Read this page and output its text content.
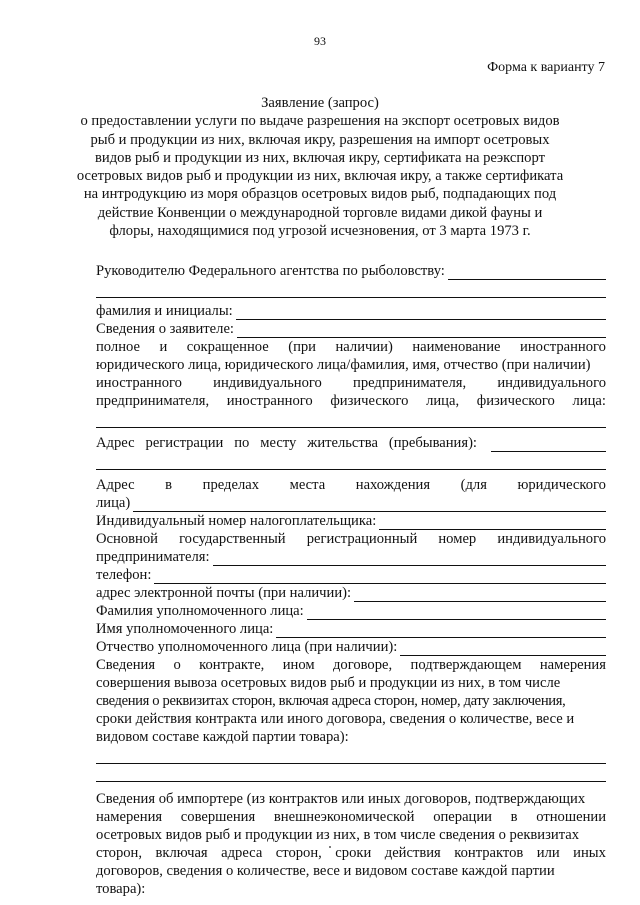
93
Форма к варианту 7
Заявление (запрос)
о предоставлении услуги по выдаче разрешения на экспорт осетровых видов
рыб и продукции из них, включая икру, разрешения на импорт осетровых
видов рыб и продукции из них, включая икру, сертификата на реэкспорт
осетровых видов рыб и продукции из них, включая икру, а также сертификата
на интродукцию из моря образцов осетровых видов рыб, подпадающих под
действие Конвенции о международной торговле видами дикой фауны и
флоры, находящимися под угрозой исчезновения, от 3 марта 1973 г.
Руководителю Федерального агентства по рыболовству:
фамилия и инициалы:
Сведения о заявителе:
полное и сокращенное (при наличии) наименование иностранного
юридического лица, юридического лица/фамилия, имя, отчество (при наличии)
иностранного индивидуального предпринимателя, индивидуального
предпринимателя, иностранного физического лица, физического лица:
Адрес регистрации по месту жительства (пребывания):
Адрес в пределах места нахождения (для юридического
лица)
Индивидуальный номер налогоплательщика:
Основной государственный регистрационный номер индивидуального
предпринимателя:
телефон:
адрес электронной почты (при наличии):
Фамилия уполномоченного лица:
Имя уполномоченного лица:
Отчество уполномоченного лица (при наличии):
Сведения о контракте, ином договоре, подтверждающем намерения
совершения вывоза осетровых видов рыб и продукции из них, в том числе
сведения о реквизитах сторон, включая адреса сторон, номер, дату заключения,
сроки действия контракта или иного договора, сведения о количестве, весе и
видовом составе каждой партии товара):
Сведения об импортере (из контрактов или иных договоров, подтверждающих
намерения совершения внешнеэкономической операции в отношении
осетровых видов рыб и продукции из них, в том числе сведения о реквизитах
сторон, включая адреса сторон, сроки действия контрактов или иных
договоров, сведения о количестве, весе и видовом составе каждой партии
товара):
